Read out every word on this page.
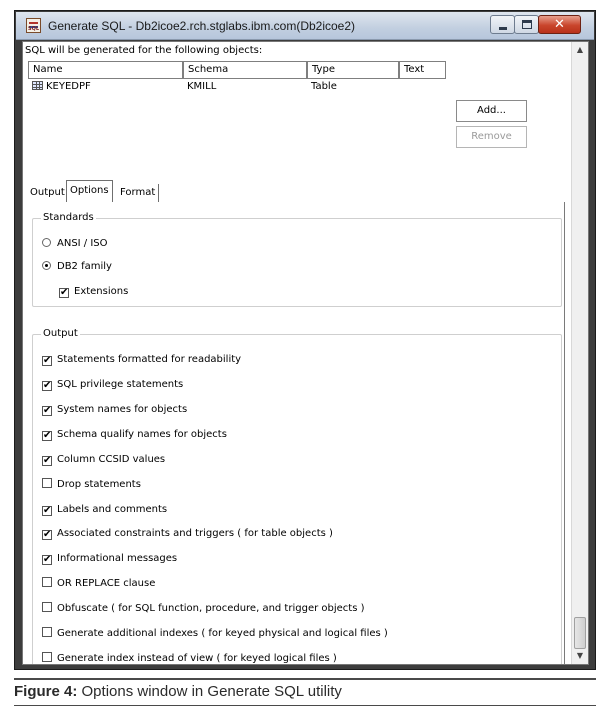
SQL Generate SQL - Db2icoe2.rch.stglabs.ibm.com(Db2icoe2)	✕
SQL will be generated for the following objects:
Name	Schema	Type	Text
KEYEDPF	KMILL	Table
Add...
Remove
Output Options	Format
Standards
ANSI / ISO
DB2 family
✔ Extensions
Output
✔ Statements formatted for readability
✔ SQL privilege statements
✔ System names for objects
✔ Schema qualify names for objects
✔ Column CCSID values
Drop statements
✔ Labels and comments
✔ Associated constraints and triggers ( for table objects )
✔ Informational messages
OR REPLACE clause
Obfuscate ( for SQL function, procedure, and trigger objects )
Generate additional indexes ( for keyed physical and logical files )
Generate index instead of view ( for keyed logical files )
▲
▼
Figure 4: Options window in Generate SQL utility
